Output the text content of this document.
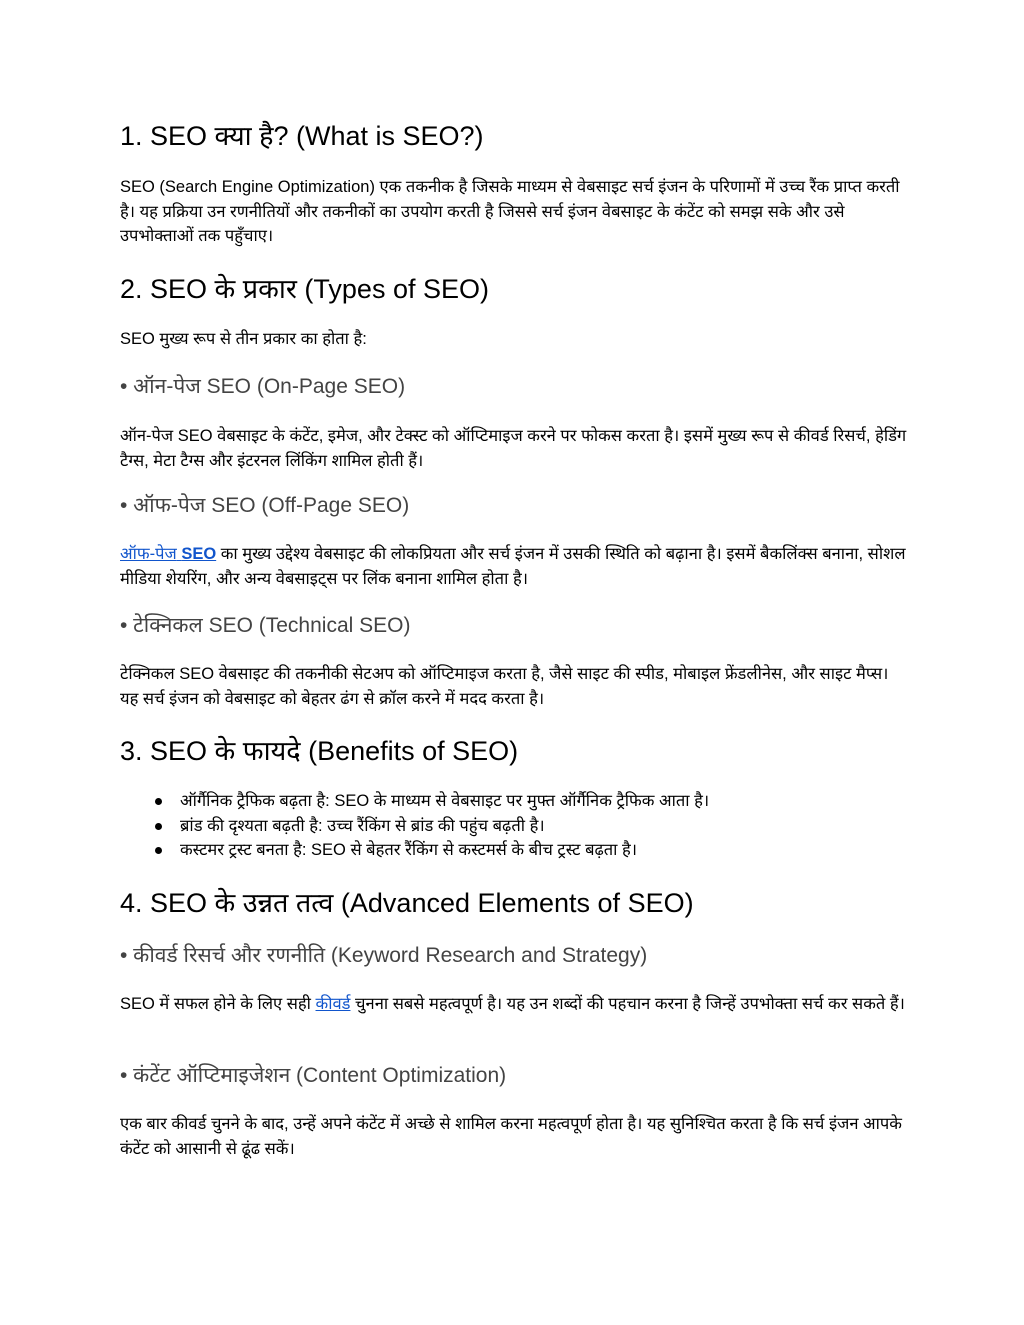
1. SEO क्या है? (What is SEO?)
SEO (Search Engine Optimization) एक तकनीक है जिसके माध्यम से वेबसाइट सर्च इंजन के परिणामों में उच्च रैंक प्राप्त करती है। यह प्रक्रिया उन रणनीतियों और तकनीकों का उपयोग करती है जिससे सर्च इंजन वेबसाइट के कंटेंट को समझ सके और उसे उपभोक्ताओं तक पहुँचाए।
2. SEO के प्रकार (Types of SEO)
SEO मुख्य रूप से तीन प्रकार का होता है:
• ऑन-पेज SEO (On-Page SEO)
ऑन-पेज SEO वेबसाइट के कंटेंट, इमेज, और टेक्स्ट को ऑप्टिमाइज करने पर फोकस करता है। इसमें मुख्य रूप से कीवर्ड रिसर्च, हेडिंग टैग्स, मेटा टैग्स और इंटरनल लिंकिंग शामिल होती हैं।
• ऑफ-पेज SEO (Off-Page SEO)
ऑफ-पेज SEO का मुख्य उद्देश्य वेबसाइट की लोकप्रियता और सर्च इंजन में उसकी स्थिति को बढ़ाना है। इसमें बैकलिंक्स बनाना, सोशल मीडिया शेयरिंग, और अन्य वेबसाइट्स पर लिंक बनाना शामिल होता है।
• टेक्निकल SEO (Technical SEO)
टेक्निकल SEO वेबसाइट की तकनीकी सेटअप को ऑप्टिमाइज करता है, जैसे साइट की स्पीड, मोबाइल फ्रेंडलीनेस, और साइट मैप्स। यह सर्च इंजन को वेबसाइट को बेहतर ढंग से क्रॉल करने में मदद करता है।
3. SEO के फायदे (Benefits of SEO)
ऑर्गैनिक ट्रैफिक बढ़ता है: SEO के माध्यम से वेबसाइट पर मुफ्त ऑर्गैनिक ट्रैफिक आता है।
ब्रांड की दृश्यता बढ़ती है: उच्च रैंकिंग से ब्रांड की पहुंच बढ़ती है।
कस्टमर ट्रस्ट बनता है: SEO से बेहतर रैंकिंग से कस्टमर्स के बीच ट्रस्ट बढ़ता है।
4. SEO के उन्नत तत्व (Advanced Elements of SEO)
• कीवर्ड रिसर्च और रणनीति (Keyword Research and Strategy)
SEO में सफल होने के लिए सही कीवर्ड चुनना सबसे महत्वपूर्ण है। यह उन शब्दों की पहचान करना है जिन्हें उपभोक्ता सर्च कर सकते हैं।
• कंटेंट ऑप्टिमाइजेशन (Content Optimization)
एक बार कीवर्ड चुनने के बाद, उन्हें अपने कंटेंट में अच्छे से शामिल करना महत्वपूर्ण होता है। यह सुनिश्चित करता है कि सर्च इंजन आपके कंटेंट को आसानी से ढूंढ सकें।
